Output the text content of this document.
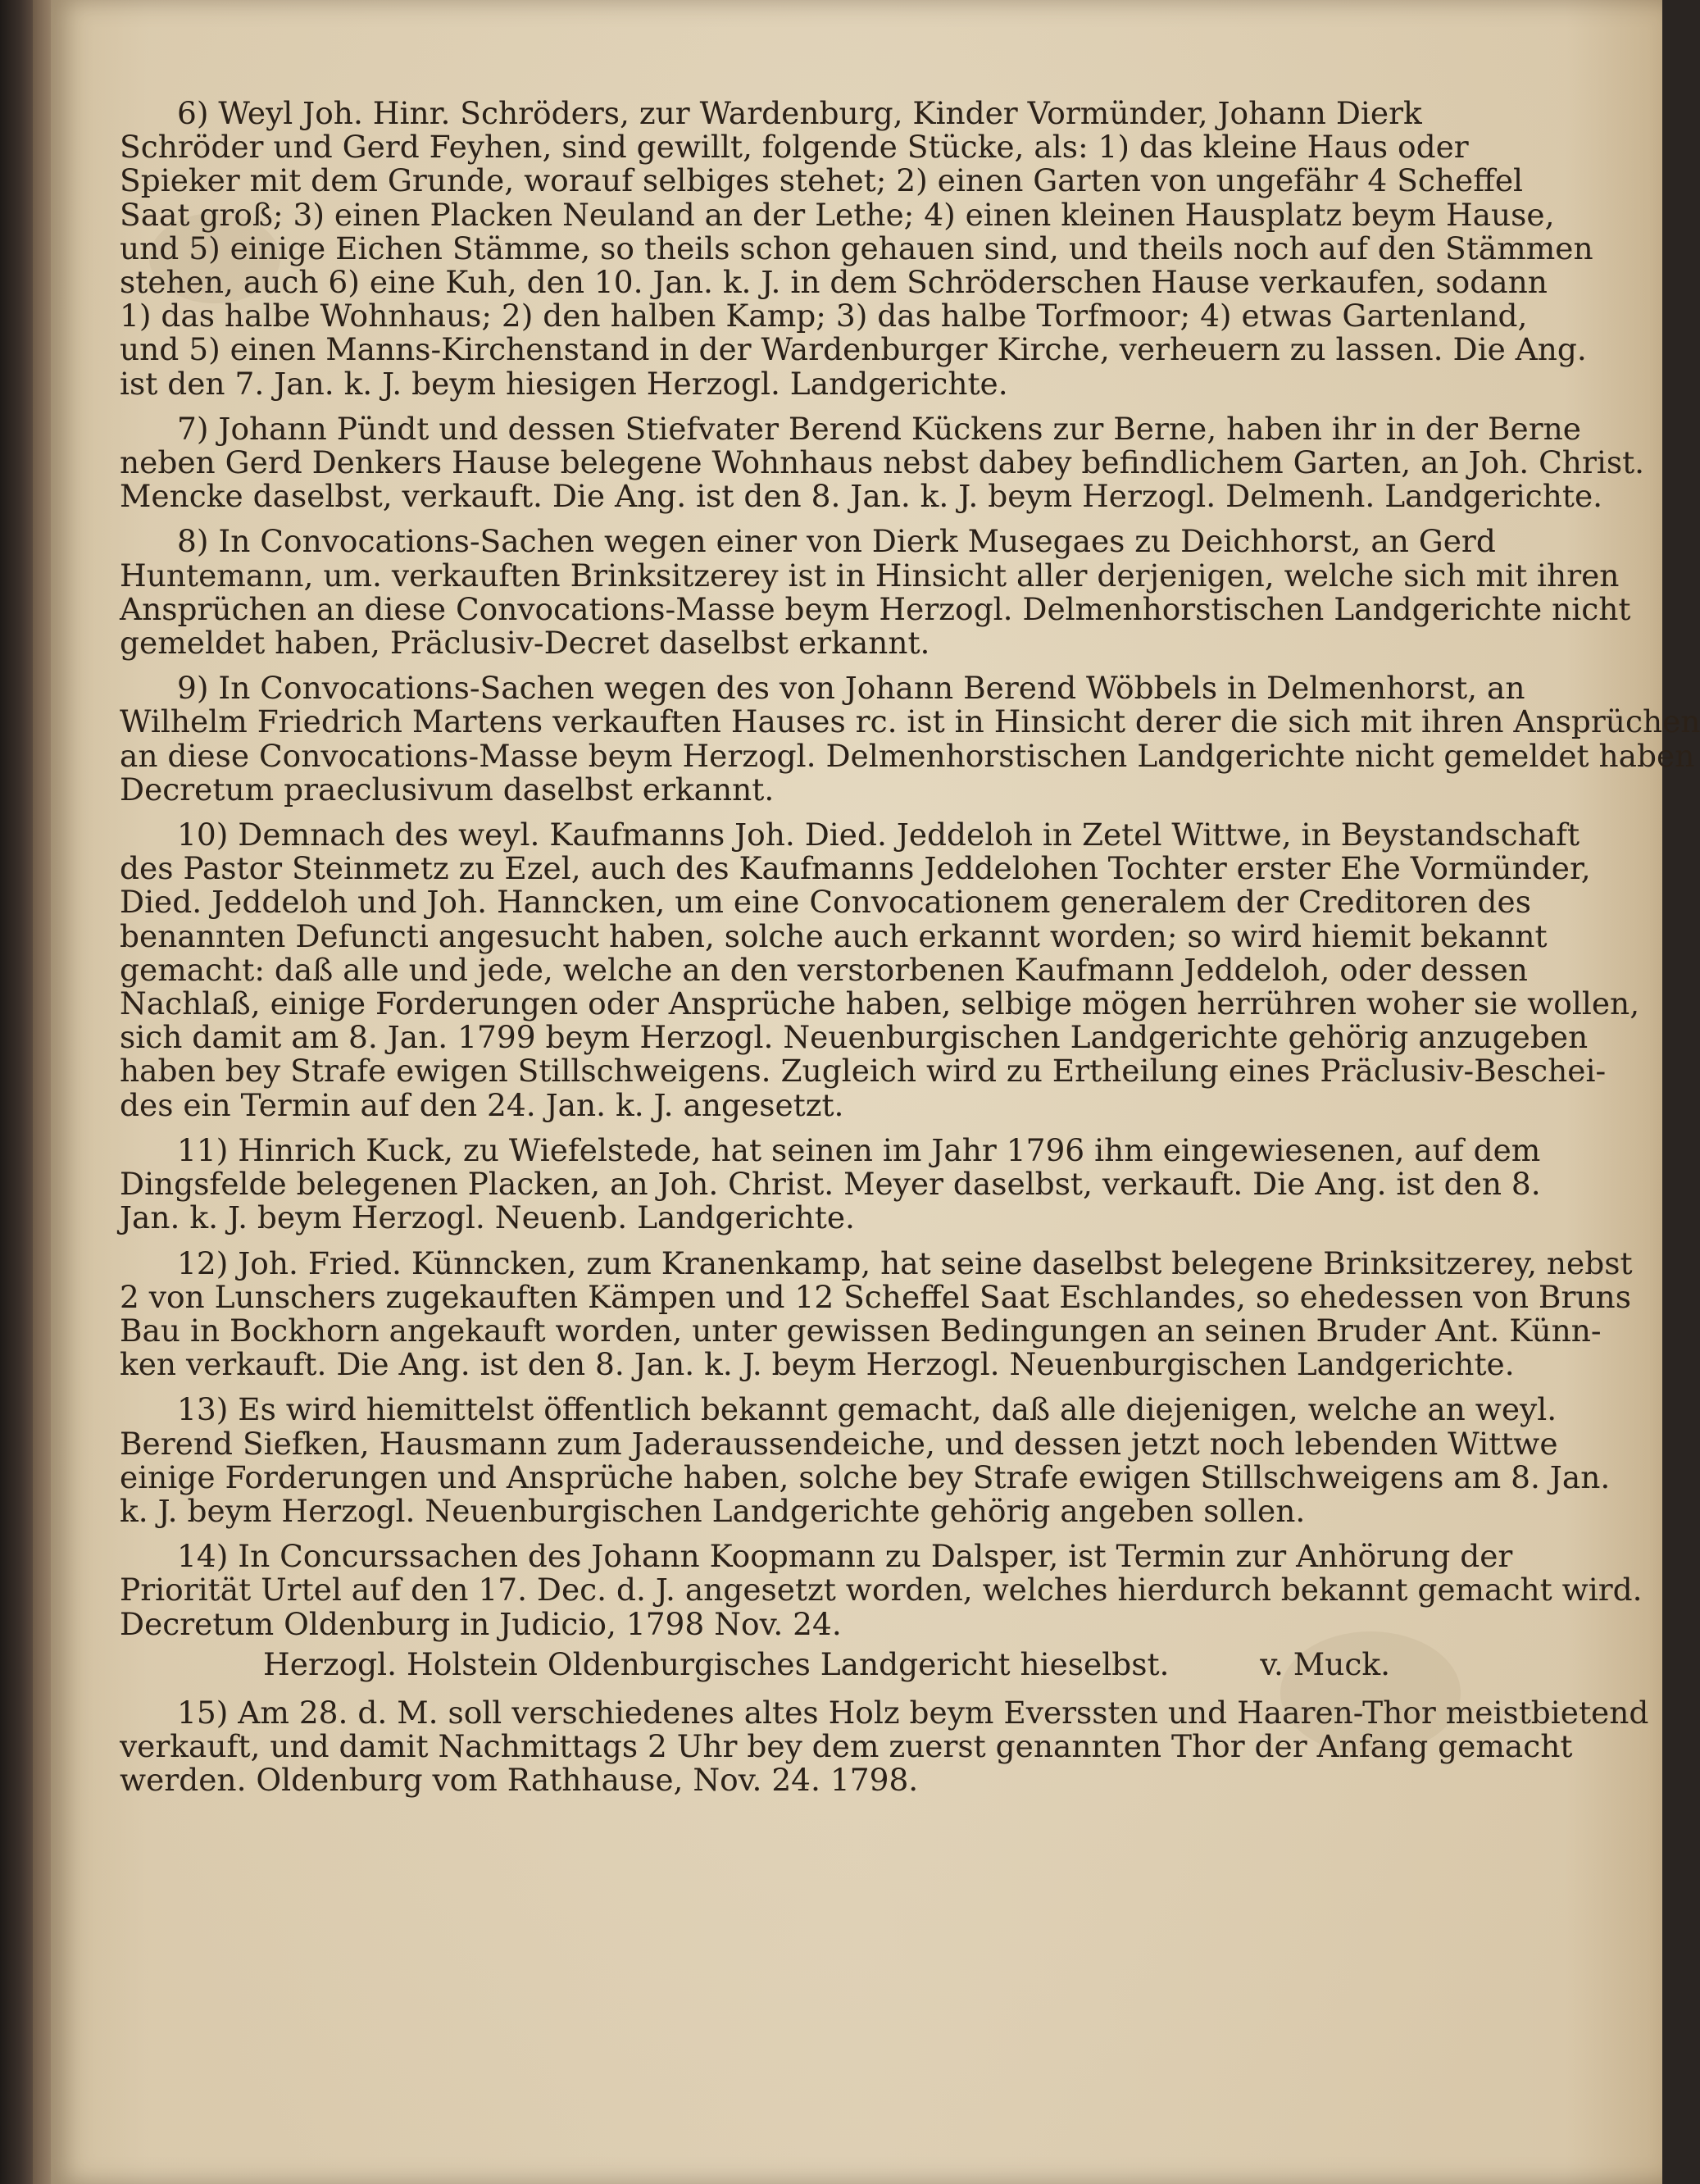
6) Weyl Joh. Hinr. Schröders, zur Wardenburg, Kinder Vormünder, Johann Dierk
Schröder und Gerd Feyhen, sind gewillt, folgende Stücke, als: 1) das kleine Haus oder
Spieker mit dem Grunde, worauf selbiges stehet; 2) einen Garten von ungefähr 4 Scheffel
Saat groß; 3) einen Placken Neuland an der Lethe; 4) einen kleinen Hausplatz beym Hause,
und 5) einige Eichen Stämme, so theils schon gehauen sind, und theils noch auf den Stämmen
stehen, auch 6) eine Kuh, den 10. Jan. k. J. in dem Schröderschen Hause verkaufen, sodann
1) das halbe Wohnhaus; 2) den halben Kamp; 3) das halbe Torfmoor; 4) etwas Gartenland,
und 5) einen Manns-Kirchenstand in der Wardenburger Kirche, verheuern zu lassen. Die Ang.
ist den 7. Jan. k. J. beym hiesigen Herzogl. Landgerichte.
7) Johann Pündt und dessen Stiefvater Berend Kückens zur Berne, haben ihr in der Berne
neben Gerd Denkers Hause belegene Wohnhaus nebst dabey befindlichem Garten, an Joh. Christ.
Mencke daselbst, verkauft. Die Ang. ist den 8. Jan. k. J. beym Herzogl. Delmenh. Landgerichte.
8) In Convocations-Sachen wegen einer von Dierk Musegaes zu Deichhorst, an Gerd
Huntemann, um. verkauften Brinksitzerey ist in Hinsicht aller derjenigen, welche sich mit ihren
Ansprüchen an diese Convocations-Masse beym Herzogl. Delmenhorstischen Landgerichte nicht
gemeldet haben, Präclusiv-Decret daselbst erkannt.
9) In Convocations-Sachen wegen des von Johann Berend Wöbbels in Delmenhorst, an
Wilhelm Friedrich Martens verkauften Hauses rc. ist in Hinsicht derer die sich mit ihren Ansprüchen
an diese Convocations-Masse beym Herzogl. Delmenhorstischen Landgerichte nicht gemeldet haben
Decretum praeclusivum daselbst erkannt.
10) Demnach des weyl. Kaufmanns Joh. Died. Jeddeloh in Zetel Wittwe, in Beystandschaft
des Pastor Steinmetz zu Ezel, auch des Kaufmanns Jeddelohen Tochter erster Ehe Vormünder,
Died. Jeddeloh und Joh. Hanncken, um eine Convocationem generalem der Creditoren des
benannten Defuncti angesucht haben, solche auch erkannt worden; so wird hiemit bekannt
gemacht: daß alle und jede, welche an den verstorbenen Kaufmann Jeddeloh, oder dessen
Nachlaß, einige Forderungen oder Ansprüche haben, selbige mögen herrühren woher sie wollen,
sich damit am 8. Jan. 1799 beym Herzogl. Neuenburgischen Landgerichte gehörig anzugeben
haben bey Strafe ewigen Stillschweigens. Zugleich wird zu Ertheilung eines Präclusiv-Beschei-
des ein Termin auf den 24. Jan. k. J. angesetzt.
11) Hinrich Kuck, zu Wiefelstede, hat seinen im Jahr 1796 ihm eingewiesenen, auf dem
Dingsfelde belegenen Placken, an Joh. Christ. Meyer daselbst, verkauft. Die Ang. ist den 8.
Jan. k. J. beym Herzogl. Neuenb. Landgerichte.
12) Joh. Fried. Künncken, zum Kranenkamp, hat seine daselbst belegene Brinksitzerey, nebst
2 von Lunschers zugekauften Kämpen und 12 Scheffel Saat Eschlandes, so ehedessen von Bruns
Bau in Bockhorn angekauft worden, unter gewissen Bedingungen an seinen Bruder Ant. Künn-
ken verkauft. Die Ang. ist den 8. Jan. k. J. beym Herzogl. Neuenburgischen Landgerichte.
13) Es wird hiemittelst öffentlich bekannt gemacht, daß alle diejenigen, welche an weyl.
Berend Siefken, Hausmann zum Jaderaussendeiche, und dessen jetzt noch lebenden Wittwe
einige Forderungen und Ansprüche haben, solche bey Strafe ewigen Stillschweigens am 8. Jan.
k. J. beym Herzogl. Neuenburgischen Landgerichte gehörig angeben sollen.
14) In Concurssachen des Johann Koopmann zu Dalsper, ist Termin zur Anhörung der
Priorität Urtel auf den 17. Dec. d. J. angesetzt worden, welches hierdurch bekannt gemacht wird.
Decretum Oldenburg in Judicio, 1798 Nov. 24.
Herzogl. Holstein Oldenburgisches Landgericht hieselbst.	v. Muck.
15) Am 28. d. M. soll verschiedenes altes Holz beym Everssten und Haaren-Thor meistbietend
verkauft, und damit Nachmittags 2 Uhr bey dem zuerst genannten Thor der Anfang gemacht
werden. Oldenburg vom Rathhause, Nov. 24. 1798.
